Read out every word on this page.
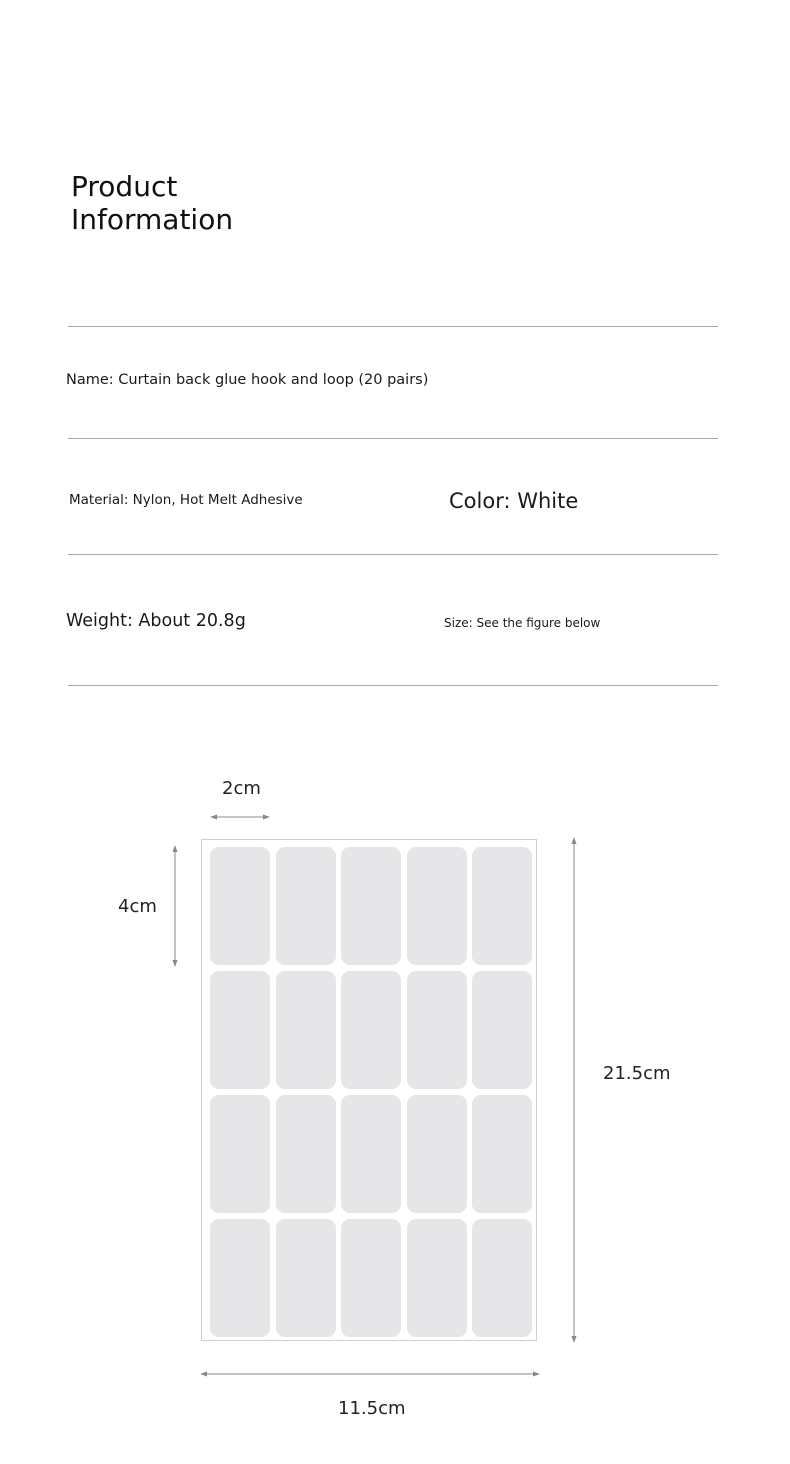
Product
Information
Name: Curtain back glue hook and loop (20 pairs)
Material: Nylon, Hot Melt Adhesive	Color: White
Weight: About 20.8g	Size: See the figure below
2cm
4cm
21.5cm
11.5cm
